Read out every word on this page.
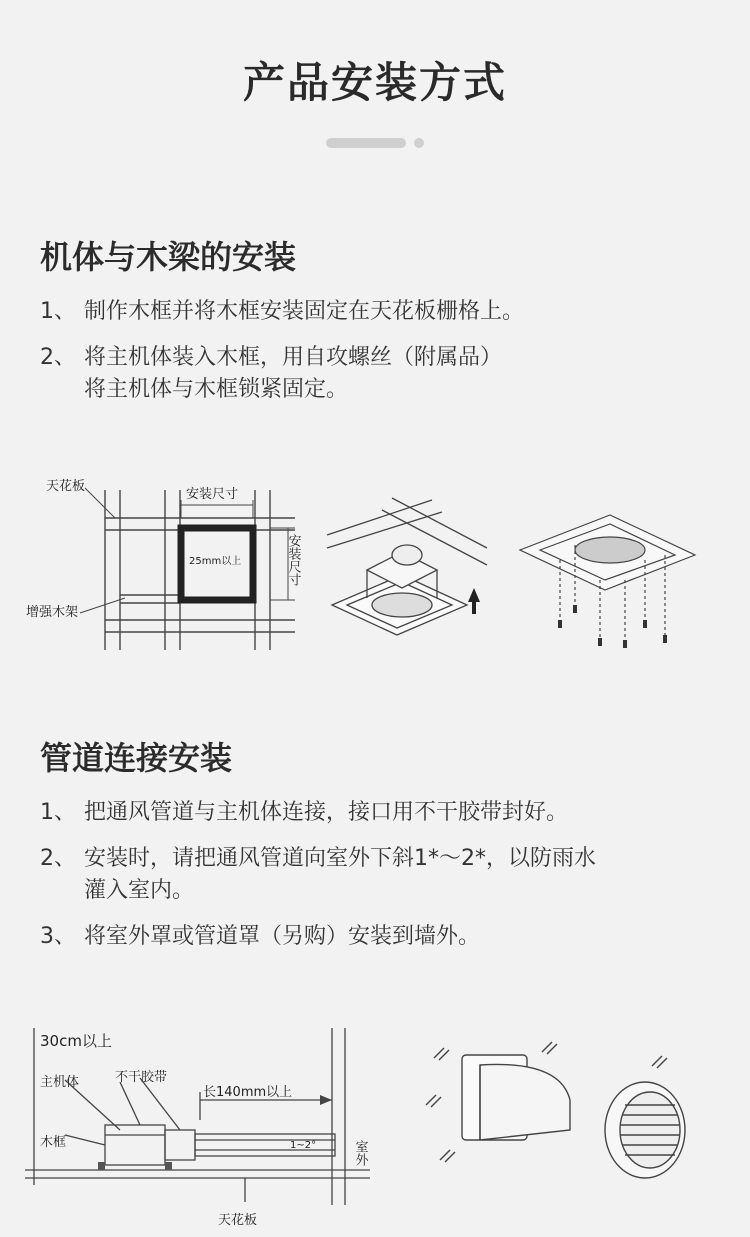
产品安装方式
机体与木梁的安装
1、 制作木框并将木框安装固定在天花板栅格上。
2、 将主机体装入木框，用自攻螺丝（附属品）
将主机体与木框锁紧固定。
天花板
安装尺寸
25mm以上	安装尺寸
增强木架
管道连接安装
1、 把通风管道与主机体连接，接口用不干胶带封好。
2、 安装时，请把通风管道向室外下斜1*～2*，以防雨水
灌入室内。
3、 将室外罩或管道罩（另购）安装到墙外。
30cm以上
主机体	不干胶带
长140mm以上
木框	1~2°	室外
天花板
